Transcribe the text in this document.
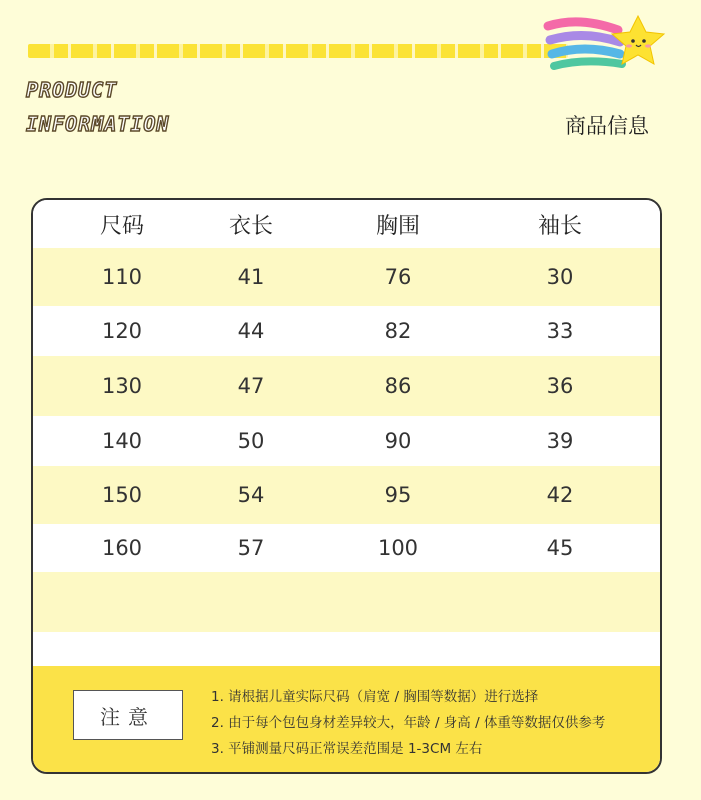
PRODUCT
INFORMATION	商品信息
尺码	衣长	胸围	袖长
110	41	76	30
120	44	82	33
130	47	86	36
140	50	90	39
150	54	95	42
160	57	100	45
注意
1. 请根据儿童实际尺码（肩宽 / 胸围等数据）进行选择
2. 由于每个包包身材差异较大，年龄 / 身高 / 体重等数据仅供参考
3. 平铺测量尺码正常误差范围是 1-3CM 左右
